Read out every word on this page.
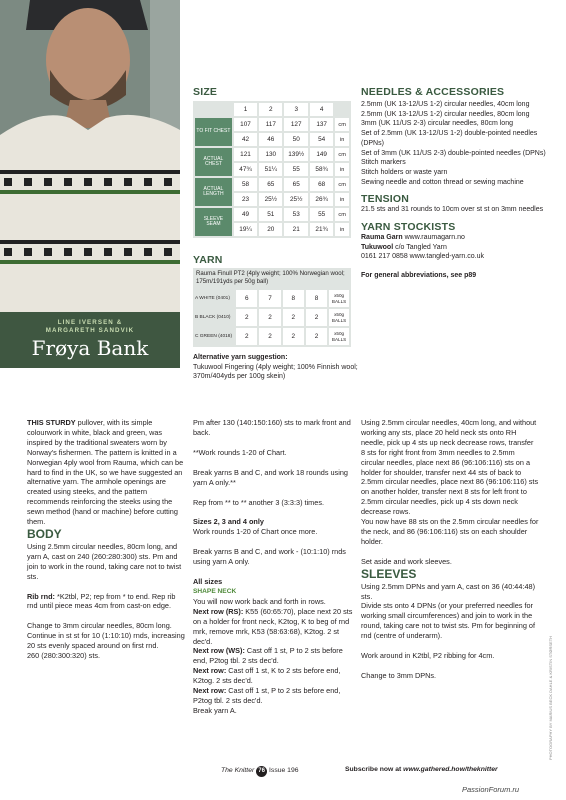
LINE IVERSEN &
MARGARETH SANDVIK
Frøya Bank
SIZE
	1	2	3	4	
TO FIT CHEST	107	117	127	137	cm
	42	46	50	54	in
ACTUAL CHEST	121	130	139½	149	cm
	47¾	51¼	55	58¾	in
ACTUAL LENGTH	58	65	65	68	cm
	23	25½	25½	26¾	in
SLEEVE SEAM	49	51	53	55	cm
	19¼	20	21	21¾	in
YARN
Rauma Finull PT2 (4ply weight; 100% Norwegian wool; 175m/191yds per 50g ball)
A WHITE (0401)	6	7	8	8	x50g BALLS
B BLACK (0410)	2	2	2	2	x50g BALLS
C GREEN (4018)	2	2	2	2	x50g BALLS
Alternative yarn suggestion:
Tukuwool Fingering (4ply weight; 100% Finnish wool; 370m/404yds per 100g skein)
NEEDLES & ACCESSORIES
2.5mm (UK 13-12/US 1-2) circular needles, 40cm long
2.5mm (UK 13-12/US 1-2) circular needles, 80cm long
3mm (UK 11/US 2-3) circular needles, 80cm long
Set of 2.5mm (UK 13-12/US 1-2) double-pointed needles (DPNs)
Set of 3mm (UK 11/US 2-3) double-pointed needles (DPNs)
Stitch markers
Stitch holders or waste yarn
Sewing needle and cotton thread or sewing machine
TENSION
21.5 sts and 31 rounds to 10cm over st st on 3mm needles
YARN STOCKISTS
Rauma Garn www.raumagarn.no
Tukuwool c/o Tangled Yarn
0161 217 0858 www.tangled-yarn.co.uk
For general abbreviations, see p89

THIS STURDY pullover, with its simple colourwork in white, black and green, was inspired by the traditional sweaters worn by Norway's fishermen. The pattern is knitted in a Norwegian 4ply wool from Rauma, which can be hard to find in the UK, so we have suggested an alternative yarn. The armhole openings are created using steeks, and the pattern recommends reinforcing the steeks using the sewn method (hand or machine) before cutting them.

BODY

Using 2.5mm circular needles, 80cm long, and yarn A, cast on 240 (260:280:300) sts. Pm and join to work in the round, taking care not to twist sts.

Rib rnd: *K2tbl, P2; rep from * to end. Rep rib rnd until piece meas 4cm from cast-on edge.

Change to 3mm circular needles, 80cm long.

Continue in st st for 10 (1:10:10) rnds, increasing 20 sts evenly spaced around on first rnd.

260 (280:300:320) sts.

Pm after 130 (140:150:160) sts to mark front and back.

**Work rounds 1-20 of Chart.

Break yarns B and C, and work 18 rounds using yarn A only.**

Rep from ** to ** another 3 (3:3:3) times.

Sizes 2, 3 and 4 only

Work rounds 1-20 of Chart once more.

Break yarns B and C, and work - (10:1:10) rnds using yarn A only.

All sizes

SHAPE NECK

You will now work back and forth in rows.

Next row (RS): K55 (60:65:70), place next 20 sts on a holder for front neck, K2tog, K to beg of rnd mrk, remove mrk, K53 (58:63:68), K2tog. 2 st dec'd.

Next row (WS): Cast off 1 st, P to 2 sts before end, P2tog tbl. 2 sts dec'd.

Next row: Cast off 1 st, K to 2 sts before end, K2tog. 2 sts dec'd.

Next row: Cast off 1 st, P to 2 sts before end, P2tog tbl. 2 sts dec'd.

Break yarn A.

Using 2.5mm circular needles, 40cm long, and without working any sts, place 20 held neck sts onto RH needle, pick up 4 sts up neck decrease rows, transfer 8 sts for right front from 3mm needles to 2.5mm circular needles, place next 86 (96:106:116) sts on a holder for shoulder, transfer next 44 sts of back to 2.5mm circular needles, place next 86 (96:106:116) sts on another holder, transfer next 8 sts for left front to 2.5mm circular needles, pick up 4 sts down neck decrease rows.

You now have 88 sts on the 2.5mm circular needles for the neck, and 86 (96:106:116) sts on each shoulder holder.

Set aside and work sleeves.

SLEEVES

Using 2.5mm DPNs and yarn A, cast on 36 (40:44:48) sts.

Divide sts onto 4 DPNs (or your preferred needles for working small circumferences) and join to work in the round, taking care not to twist sts. Pm for beginning of rnd (centre of underarm).

Work around in K2tbl, P2 ribbing for 4cm.

Change to 3mm DPNs.

The Knitter 76 Issue 196	Subscribe now at www.gathered.how/theknitter
PHOTOGRAPHY BY MARIUS BECK DAHLE & KRISTIN STØRSETH
PassionForum.ru
